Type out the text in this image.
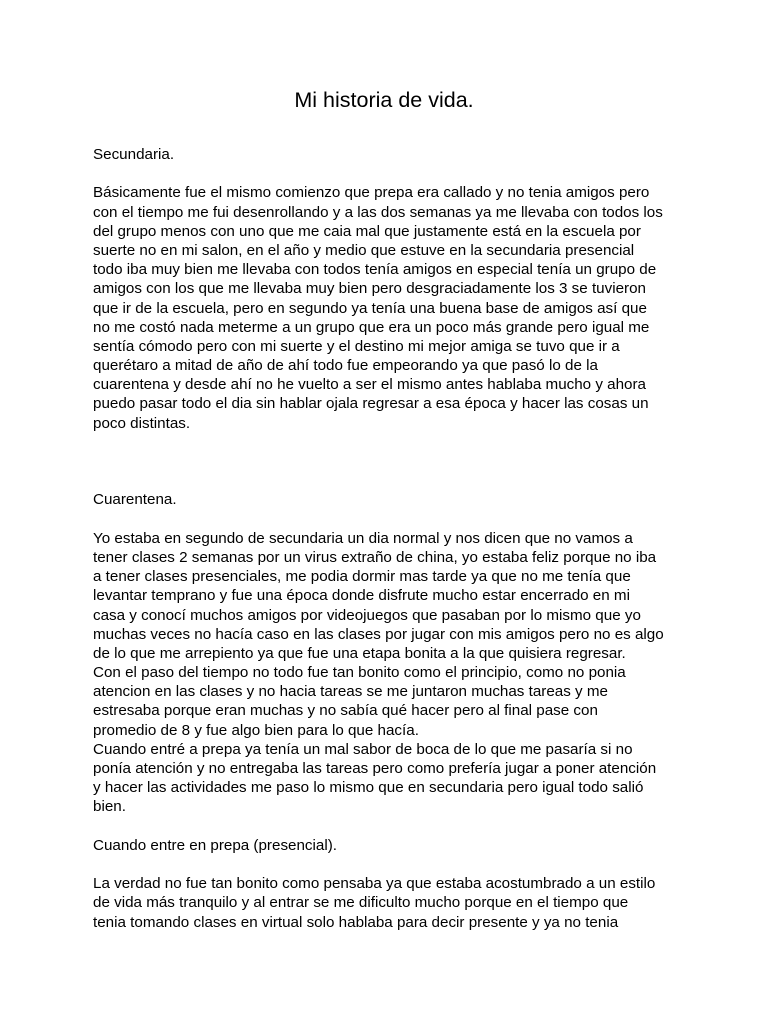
Mi historia de vida.
Secundaria.
Básicamente fue el mismo comienzo que prepa era callado y no tenia amigos pero
con el tiempo me fui desenrollando y a las dos semanas ya me llevaba con todos los
del grupo menos con uno que me caia mal que justamente está en la escuela por
suerte no en mi salon, en el año y medio que estuve en la secundaria presencial
todo iba muy bien me llevaba con todos tenía amigos en especial tenía un grupo de
amigos con los que me llevaba muy bien pero desgraciadamente los 3 se tuvieron
que ir de la escuela, pero en segundo ya tenía una buena base de amigos así que
no me costó nada meterme a un grupo que era un poco más grande pero igual me
sentía cómodo pero con mi suerte y el destino mi mejor amiga se tuvo que ir a
querétaro a mitad de año de ahí todo fue empeorando ya que pasó lo de la
cuarentena y desde ahí no he vuelto a ser el mismo antes hablaba mucho y ahora
puedo pasar todo el dia sin hablar ojala regresar a esa época y hacer las cosas un
poco distintas.
Cuarentena.
Yo estaba en segundo de secundaria un dia normal y nos dicen que no vamos a
tener clases 2 semanas por un virus extraño de china, yo estaba feliz porque no iba
a tener clases presenciales, me podia dormir mas tarde ya que no me tenía que
levantar temprano y fue una época donde disfrute mucho estar encerrado en mi
casa y conocí muchos amigos por videojuegos que pasaban por lo mismo que yo
muchas veces no hacía caso en las clases por jugar con mis amigos pero no es algo
de lo que me arrepiento ya que fue una etapa bonita a la que quisiera regresar.
Con el paso del tiempo no todo fue tan bonito como el principio, como no ponia
atencion en las clases y no hacia tareas se me juntaron muchas tareas y me
estresaba porque eran muchas y no sabía qué hacer pero al final pase con
promedio de 8 y fue algo bien para lo que hacía.
Cuando entré a prepa ya tenía un mal sabor de boca de lo que me pasaría si no
ponía atención y no entregaba las tareas pero como prefería jugar a poner atención
y hacer las actividades me paso lo mismo que en secundaria pero igual todo salió
bien.
Cuando entre en prepa (presencial).
La verdad no fue tan bonito como pensaba ya que estaba acostumbrado a un estilo
de vida más tranquilo y al entrar se me dificulto mucho porque en el tiempo que
tenia tomando clases en virtual solo hablaba para decir presente y ya no tenia
